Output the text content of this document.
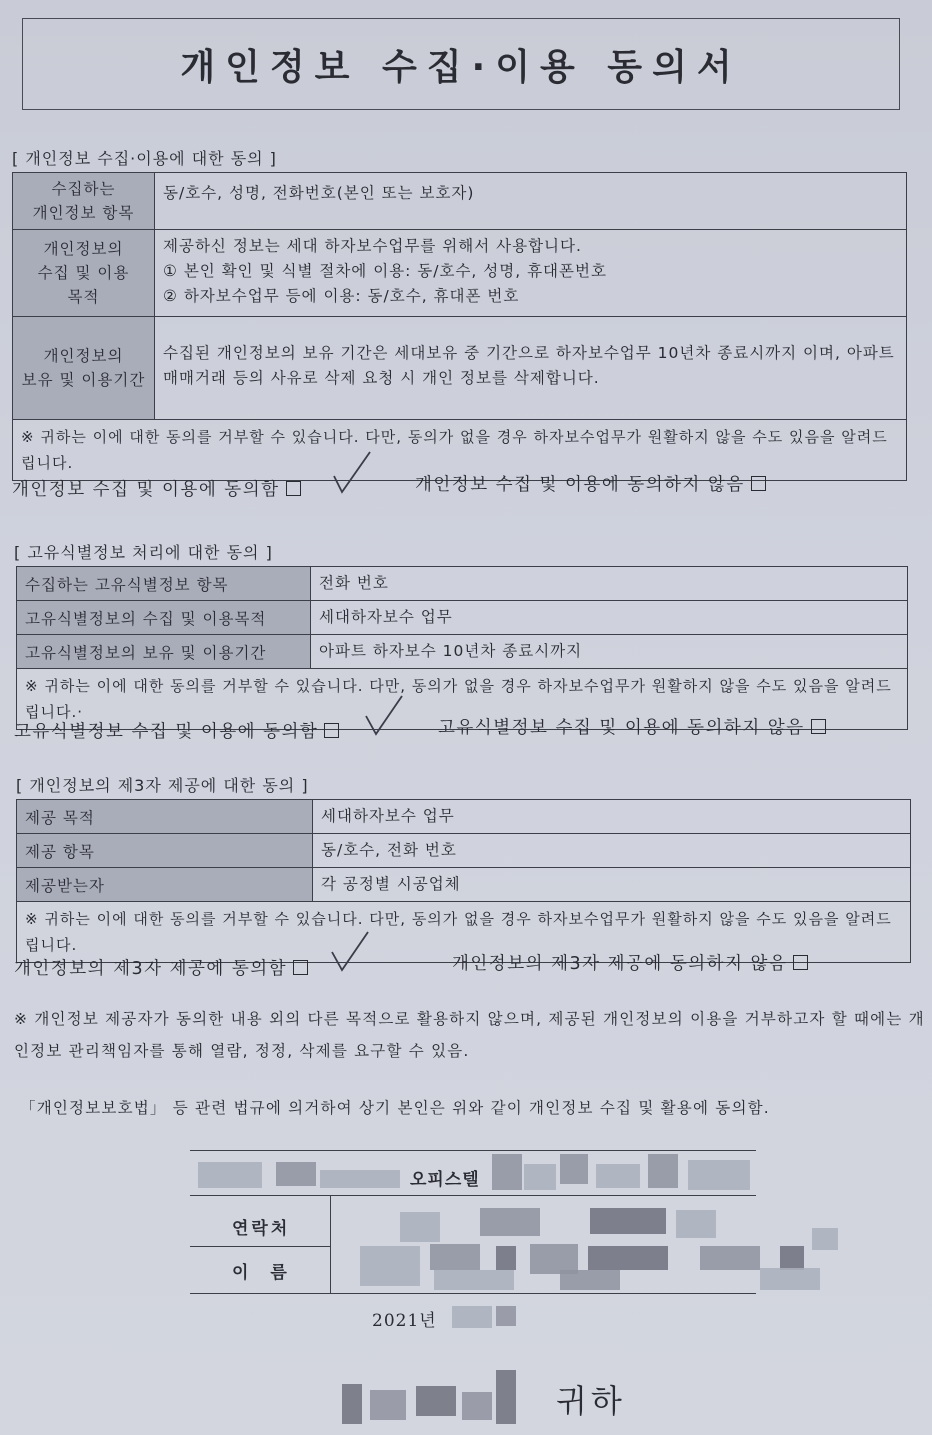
개인정보 수집·이용 동의서
[ 개인정보 수집·이용에 대한 동의 ]
수집하는
개인정보 항목	동/호수, 성명, 전화번호(본인 또는 보호자)
개인정보의
수집 및 이용
목적	제공하신 정보는 세대 하자보수업무를 위해서 사용합니다.
① 본인 확인 및 식별 절차에 이용: 동/호수, 성명, 휴대폰번호
② 하자보수업무 등에 이용: 동/호수, 휴대폰 번호
개인정보의
보유 및 이용기간	수집된 개인정보의 보유 기간은 세대보유 중 기간으로 하자보수업무 10년차 종료시까지 이며, 아파트 매매거래 등의 사유로 삭제 요청 시 개인 정보를 삭제합니다.
※ 귀하는 이에 대한 동의를 거부할 수 있습니다. 다만, 동의가 없을 경우 하자보수업무가 원활하지 않을 수도 있음을 알려드립니다.	
개인정보 수집 및 이용에 동의함	개인정보 수집 및 이용에 동의하지 않음
[ 고유식별정보 처리에 대한 동의 ]
수집하는 고유식별정보 항목	전화 번호
고유식별정보의 수집 및 이용목적	세대하자보수 업무
고유식별정보의 보유 및 이용기간	아파트 하자보수 10년차 종료시까지
※ 귀하는 이에 대한 동의를 거부할 수 있습니다. 다만, 동의가 없을 경우 하자보수업무가 원활하지 않을 수도 있음을 알려드립니다.·	
고유식별정보 수집 및 이용에 동의함	고유식별정보 수집 및 이용에 동의하지 않음
[ 개인정보의 제3자 제공에 대한 동의 ]
제공 목적	세대하자보수 업무
제공 항목	동/호수, 전화 번호
제공받는자	각 공정별 시공업체
※ 귀하는 이에 대한 동의를 거부할 수 있습니다. 다만, 동의가 없을 경우 하자보수업무가 원활하지 않을 수도 있음을 알려드립니다.	
개인정보의 제3자 제공에 동의함	개인정보의 제3자 제공에 동의하지 않음
※ 개인정보 제공자가 동의한 내용 외의 다른 목적으로 활용하지 않으며, 제공된 개인정보의 이용을 거부하고자 할 때에는 개인정보 관리책임자를 통해 열람, 정정, 삭제를 요구할 수 있음.
「개인정보보호법」 등 관련 법규에 의거하여 상기 본인은 위와 같이 개인정보 수집 및 활용에 동의함.
오피스텔
연락처
이 름
2021년
귀하
